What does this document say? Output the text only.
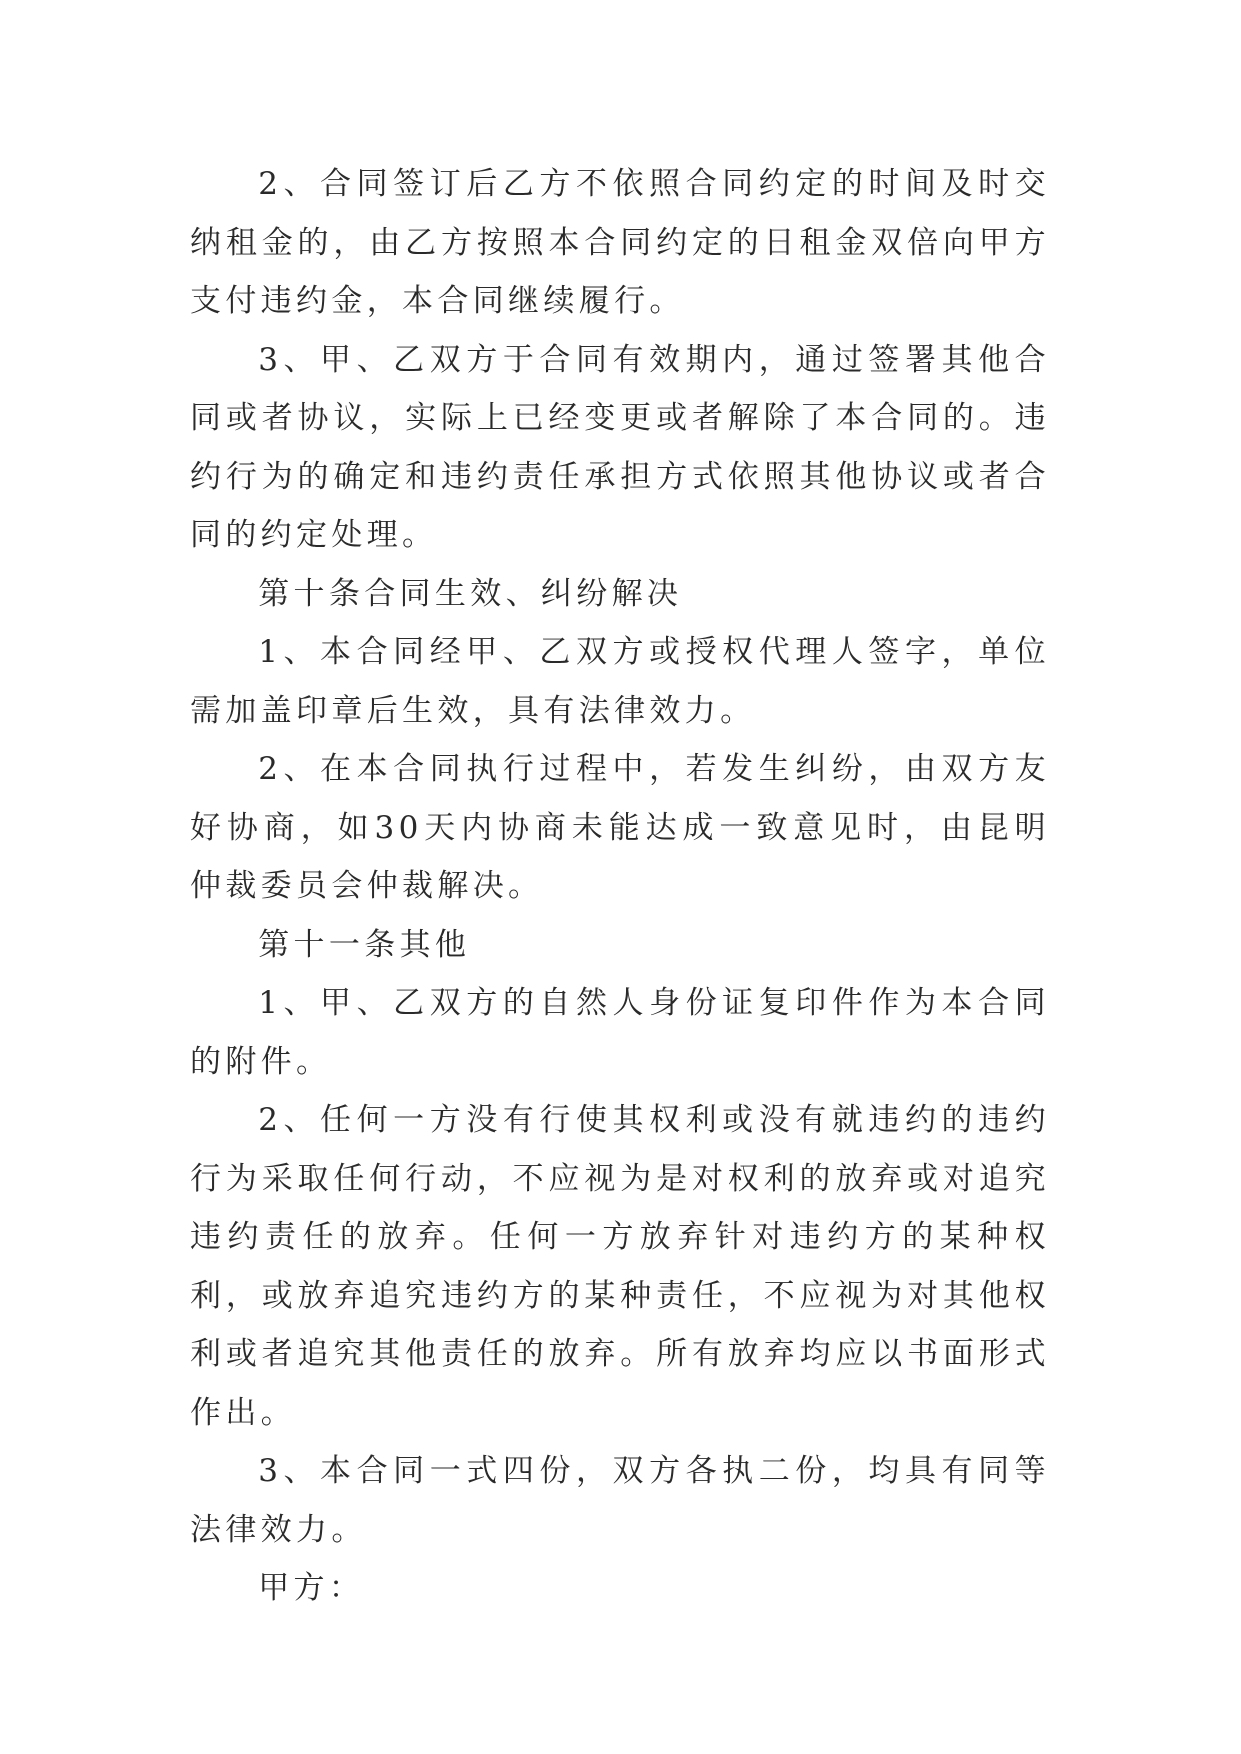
2、合同签订后乙方不依照合同约定的时间及时交纳租金的，由乙方按照本合同约定的日租金双倍向甲方支付违约金，本合同继续履行。

3、甲、乙双方于合同有效期内，通过签署其他合同或者协议，实际上已经变更或者解除了本合同的。违约行为的确定和违约责任承担方式依照其他协议或者合同的约定处理。

第十条合同生效、纠纷解决

1、本合同经甲、乙双方或授权代理人签字，单位需加盖印章后生效，具有法律效力。

2、在本合同执行过程中，若发生纠纷，由双方友好协商，如30天内协商未能达成一致意见时，由昆明仲裁委员会仲裁解决。

第十一条其他

1、甲、乙双方的自然人身份证复印件作为本合同的附件。

2、任何一方没有行使其权利或没有就违约的违约行为采取任何行动，不应视为是对权利的放弃或对追究违约责任的放弃。任何一方放弃针对违约方的某种权利，或放弃追究违约方的某种责任，不应视为对其他权利或者追究其他责任的放弃。所有放弃均应以书面形式作出。

3、本合同一式四份，双方各执二份，均具有同等法律效力。

甲方：
